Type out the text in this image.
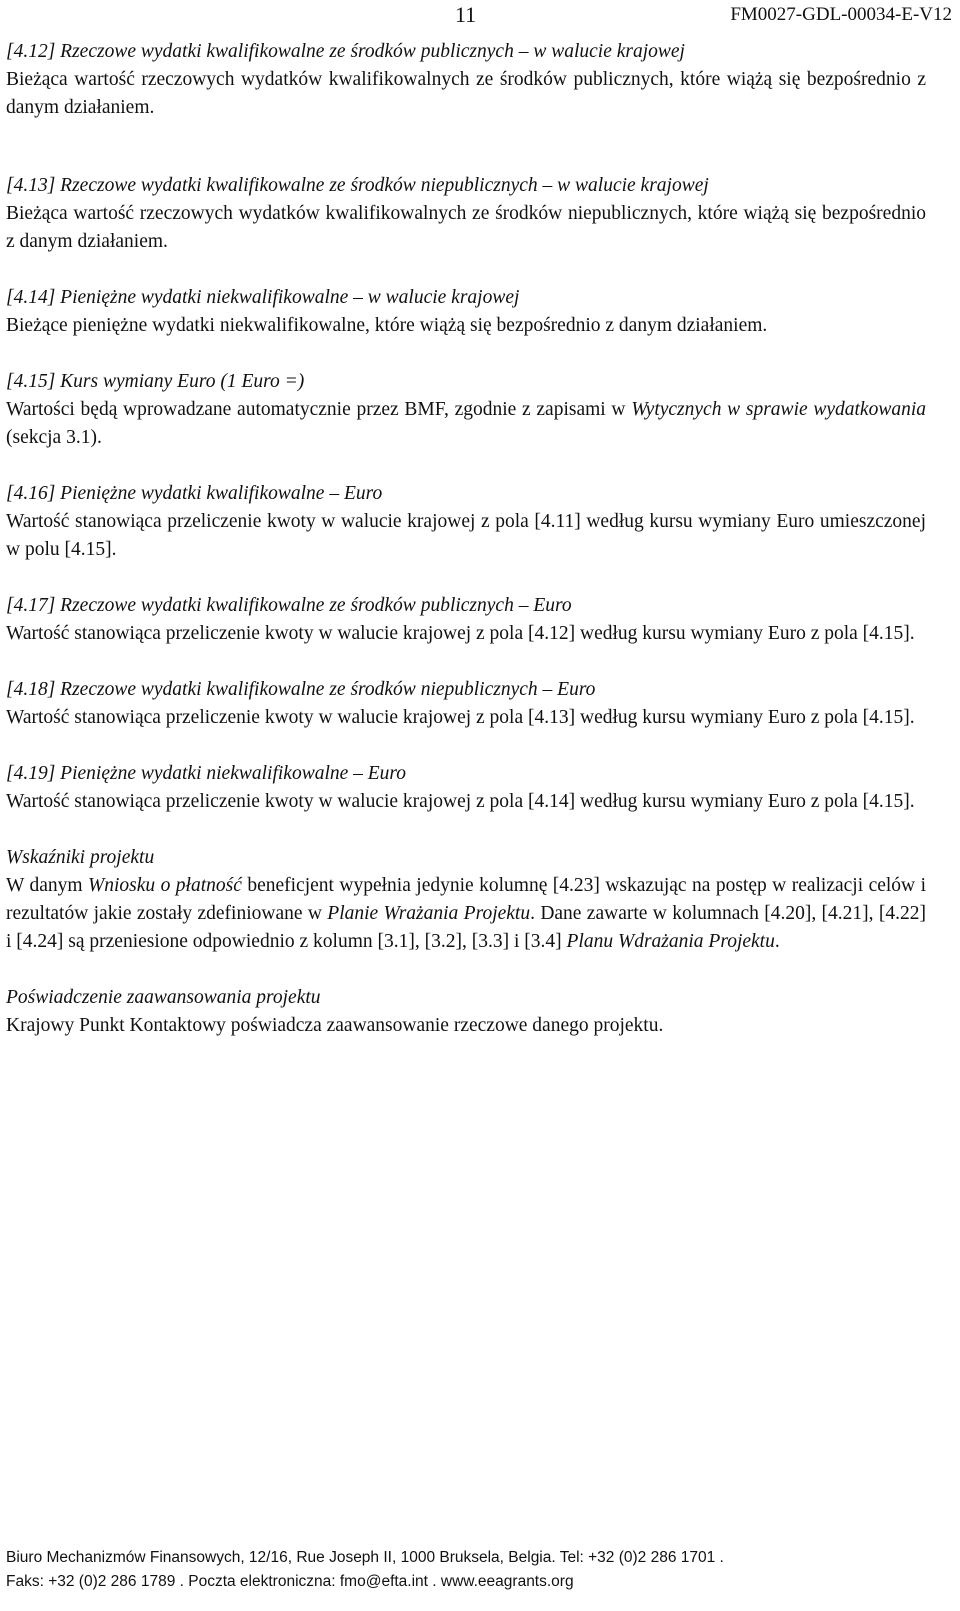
11	FM0027-GDL-00034-E-V12
[4.12] Rzeczowe wydatki kwalifikowalne ze środków publicznych – w walucie krajowej
Bieżąca wartość rzeczowych wydatków kwalifikowalnych ze środków publicznych, które wiążą się bezpośrednio z danym działaniem.
[4.13] Rzeczowe wydatki kwalifikowalne ze środków niepublicznych – w walucie krajowej
Bieżąca wartość rzeczowych wydatków kwalifikowalnych ze środków niepublicznych, które wiążą się bezpośrednio z danym działaniem.
[4.14] Pieniężne wydatki niekwalifikowalne – w walucie krajowej
Bieżące pieniężne wydatki niekwalifikowalne, które wiążą się bezpośrednio z danym działaniem.
[4.15] Kurs wymiany Euro (1 Euro =)
Wartości będą wprowadzane automatycznie przez BMF, zgodnie z zapisami w Wytycznych w sprawie wydatkowania (sekcja 3.1).
[4.16] Pieniężne wydatki kwalifikowalne – Euro
Wartość stanowiąca przeliczenie kwoty w walucie krajowej z pola [4.11] według kursu wymiany Euro umieszczonej w polu [4.15].
[4.17] Rzeczowe wydatki kwalifikowalne ze środków publicznych – Euro
Wartość stanowiąca przeliczenie kwoty w walucie krajowej z pola [4.12] według kursu wymiany Euro z pola [4.15].
[4.18] Rzeczowe wydatki kwalifikowalne ze środków niepublicznych – Euro
Wartość stanowiąca przeliczenie kwoty w walucie krajowej z pola [4.13] według kursu wymiany Euro z pola [4.15].
[4.19] Pieniężne wydatki niekwalifikowalne – Euro
Wartość stanowiąca przeliczenie kwoty w walucie krajowej z pola [4.14] według kursu wymiany Euro z pola [4.15].
Wskaźniki projektu
W danym Wniosku o płatność beneficjent wypełnia jedynie kolumnę [4.23] wskazując na postęp w realizacji celów i rezultatów jakie zostały zdefiniowane w Planie Wrażania Projektu. Dane zawarte w kolumnach [4.20], [4.21], [4.22] i [4.24] są przeniesione odpowiednio z kolumn [3.1], [3.2], [3.3] i [3.4] Planu Wdrażania Projektu.
Poświadczenie zaawansowania projektu
Krajowy Punkt Kontaktowy poświadcza zaawansowanie rzeczowe danego projektu.
Biuro Mechanizmów Finansowych, 12/16, Rue Joseph II, 1000 Bruksela, Belgia. Tel: +32 (0)2 286 1701 .
Faks: +32 (0)2 286 1789 . Poczta elektroniczna: fmo@efta.int . www.eeagrants.org
